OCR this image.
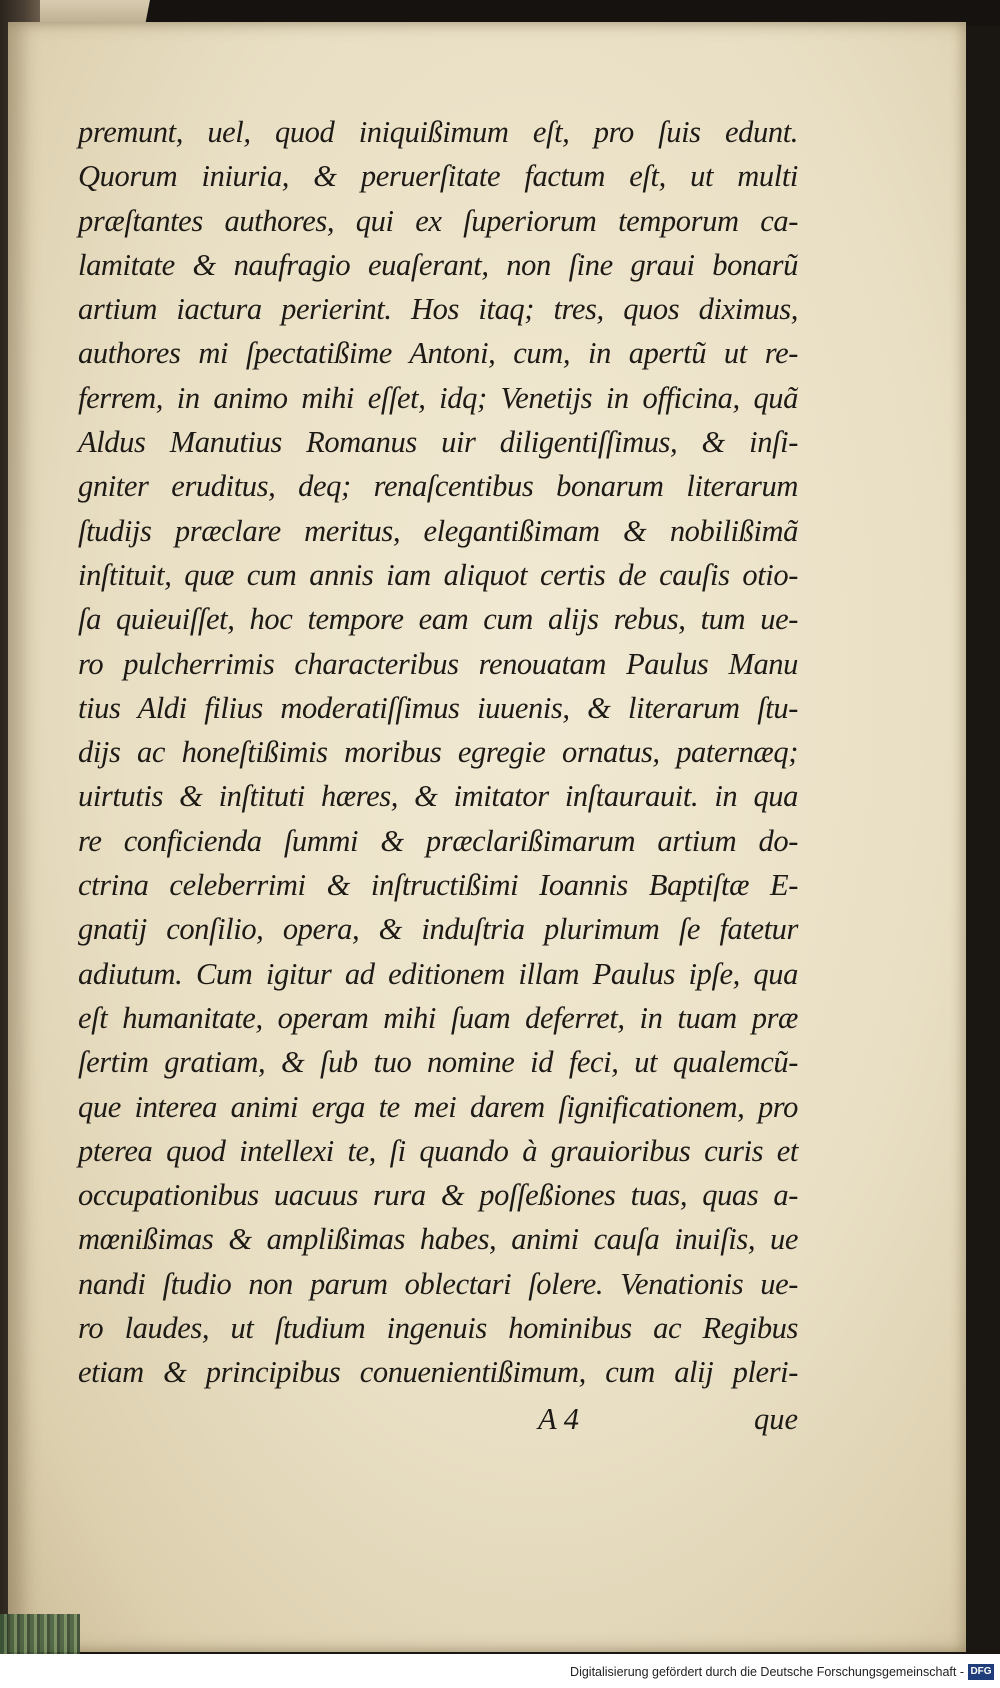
premunt, uel, quod iniquißimum eſt, pro ſuis edunt.
Quorum iniuria, & peruerſitate factum eſt, ut multi
præſtantes authores, qui ex ſuperiorum temporum ca-
lamitate & naufragio euaſerant, non ſine graui bonarũ
artium iactura perierint. Hos itaq; tres, quos diximus,
authores mi ſpectatißime Antoni, cum, in apertũ ut re-
ferrem, in animo mihi eſſet, idq; Venetijs in officina, quã
Aldus Manutius Romanus uir diligentiſſimus, & inſi-
gniter eruditus, deq; renaſcentibus bonarum literarum
ſtudijs præclare meritus, elegantißimam & nobilißimã
inſtituit, quæ cum annis iam aliquot certis de cauſis otio-
ſa quieuiſſet, hoc tempore eam cum alijs rebus, tum ue-
ro pulcherrimis characteribus renouatam Paulus Manu
tius Aldi filius moderatiſſimus iuuenis, & literarum ſtu-
dijs ac honeſtißimis moribus egregie ornatus, paternæq;
uirtutis & inſtituti hæres, & imitator inſtaurauit. in qua
re conficienda ſummi & præclarißimarum artium do-
ctrina celeberrimi & inſtructißimi Ioannis Baptiſtæ E-
gnatij conſilio, opera, & induſtria plurimum ſe fatetur
adiutum. Cum igitur ad editionem illam Paulus ipſe, qua
eſt humanitate, operam mihi ſuam deferret, in tuam præ
ſertim gratiam, & ſub tuo nomine id feci, ut qualemcũ-
que interea animi erga te mei darem ſignificationem, pro
pterea quod intellexi te, ſi quando à grauioribus curis et
occupationibus uacuus rura & poſſeßiones tuas, quas a-
mœnißimas & amplißimas habes, animi cauſa inuiſis, ue
nandi ſtudio non parum oblectari ſolere. Venationis ue-
ro laudes, ut ſtudium ingenuis hominibus ac Regibus
etiam & principibus conuenientißimum, cum alij pleri-
A 4	que
Digitalisierung gefördert durch die Deutsche Forschungsgemeinschaft - DFG
